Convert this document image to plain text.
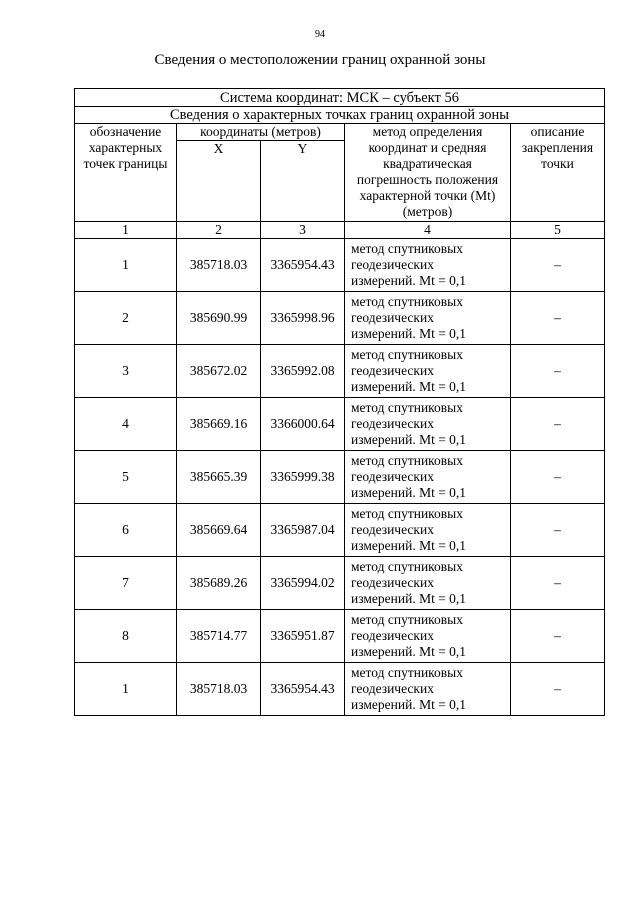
94
Сведения о местоположении границ охранной зоны
Система координат: МСК – субъект 56				
Сведения о характерных точках границ охранной зоны				
обозначение характерных точек границы	координаты (метров)		метод определения координат и средняя квадратическая погрешность положения характерной точки (Mt) (метров)	описание закрепления точки
	X	Y		
1	2	3	4	5
1	385718.03	3365954.43	метод спутниковых
геодезических
измерений. Mt = 0,1	–
2	385690.99	3365998.96	метод спутниковых
геодезических
измерений. Mt = 0,1	–
3	385672.02	3365992.08	метод спутниковых
геодезических
измерений. Mt = 0,1	–
4	385669.16	3366000.64	метод спутниковых
геодезических
измерений. Mt = 0,1	–
5	385665.39	3365999.38	метод спутниковых
геодезических
измерений. Mt = 0,1	–
6	385669.64	3365987.04	метод спутниковых
геодезических
измерений. Mt = 0,1	–
7	385689.26	3365994.02	метод спутниковых
геодезических
измерений. Mt = 0,1	–
8	385714.77	3365951.87	метод спутниковых
геодезических
измерений. Mt = 0,1	–
1	385718.03	3365954.43	метод спутниковых
геодезических
измерений. Mt = 0,1	–
